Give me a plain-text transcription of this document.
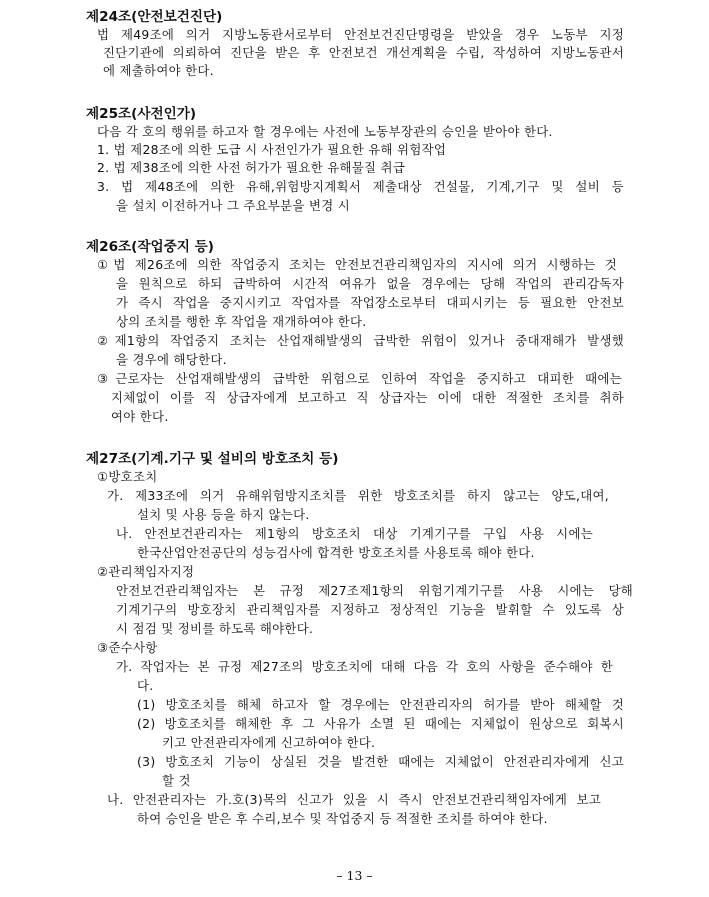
제24조(안전보건진단)
법 제49조에 의거 지방노동관서로부터 안전보건진단명령을 받았을 경우 노동부 지정
진단기관에 의뢰하여 진단을 받은 후 안전보건 개선계획을 수립, 작성하여 지방노동관서
에 제출하여야 한다.
제25조(사전인가)
다음 각 호의 행위를 하고자 할 경우에는 사전에 노동부장관의 승인을 받아야 한다.
1. 법 제28조에 의한 도급 시 사전인가가 필요한 유해 위험작업
2. 법 제38조에 의한 사전 허가가 필요한 유해물질 취급
3. 법 제48조에 의한 유해,위험방지계획서 제출대상 건설물, 기계,기구 및 설비 등
을 설치 이전하거나 그 주요부분을 변경 시
제26조(작업중지 등)
①법 제26조에 의한 작업중지 조치는 안전보건관리책임자의 지시에 의거 시행하는 것
을 원칙으로 하되 급박하여 시간적 여유가 없을 경우에는 당해 작업의 관리감독자
가 즉시 작업을 중지시키고 작업자를 작업장소로부터 대피시키는 등 필요한 안전보
상의 조치를 행한 후 작업을 재개하여야 한다.
②제1항의 작업중지 조치는 산업재해발생의 급박한 위험이 있거나 중대재해가 발생했
을 경우에 해당한다.
③근로자는 산업재해발생의 급박한 위험으로 인하여 작업을 중지하고 대피한 때에는
지체없이 이를 직 상급자에게 보고하고 직 상급자는 이에 대한 적절한 조치를 취하
여야 한다.
제27조(기계.기구 및 설비의 방호조치 등)
①방호조치
가. 제33조에 의거 유해위험방지조치를 위한 방호조치를 하지 않고는 양도,대여,
설치 및 사용 등을 하지 않는다.
나. 안전보건관리자는 제1항의 방호조치 대상 기계기구를 구입 사용 시에는
한국산업안전공단의 성능검사에 합격한 방호조치를 사용토록 해야 한다.
②관리책임자지정
안전보건관리책임자는 본 규정 제27조제1항의 위험기계기구를 사용 시에는 당해
기계기구의 방호장치 관리책임자를 지정하고 정상적인 기능을 발휘할 수 있도록 상
시 점검 및 정비를 하도록 해야한다.
③준수사항
가. 작업자는 본 규정 제27조의 방호조치에 대해 다음 각 호의 사항을 준수해야 한
다.
(1) 방호조치를 해체 하고자 할 경우에는 안전관리자의 허가를 받아 해체할 것
(2) 방호조치를 해체한 후 그 사유가 소멸 된 때에는 지체없이 원상으로 회복시
키고 안전관리자에게 신고하여야 한다.
(3) 방호조치 기능이 상실된 것을 발견한 때에는 지체없이 안전관리자에게 신고
할 것
나. 안전관리자는 가.호(3)목의 신고가 있을 시 즉시 안전보건관리책임자에게 보고
하여 승인을 받은 후 수리,보수 및 작업중지 등 적절한 조치를 하여야 한다.
– 13 –
